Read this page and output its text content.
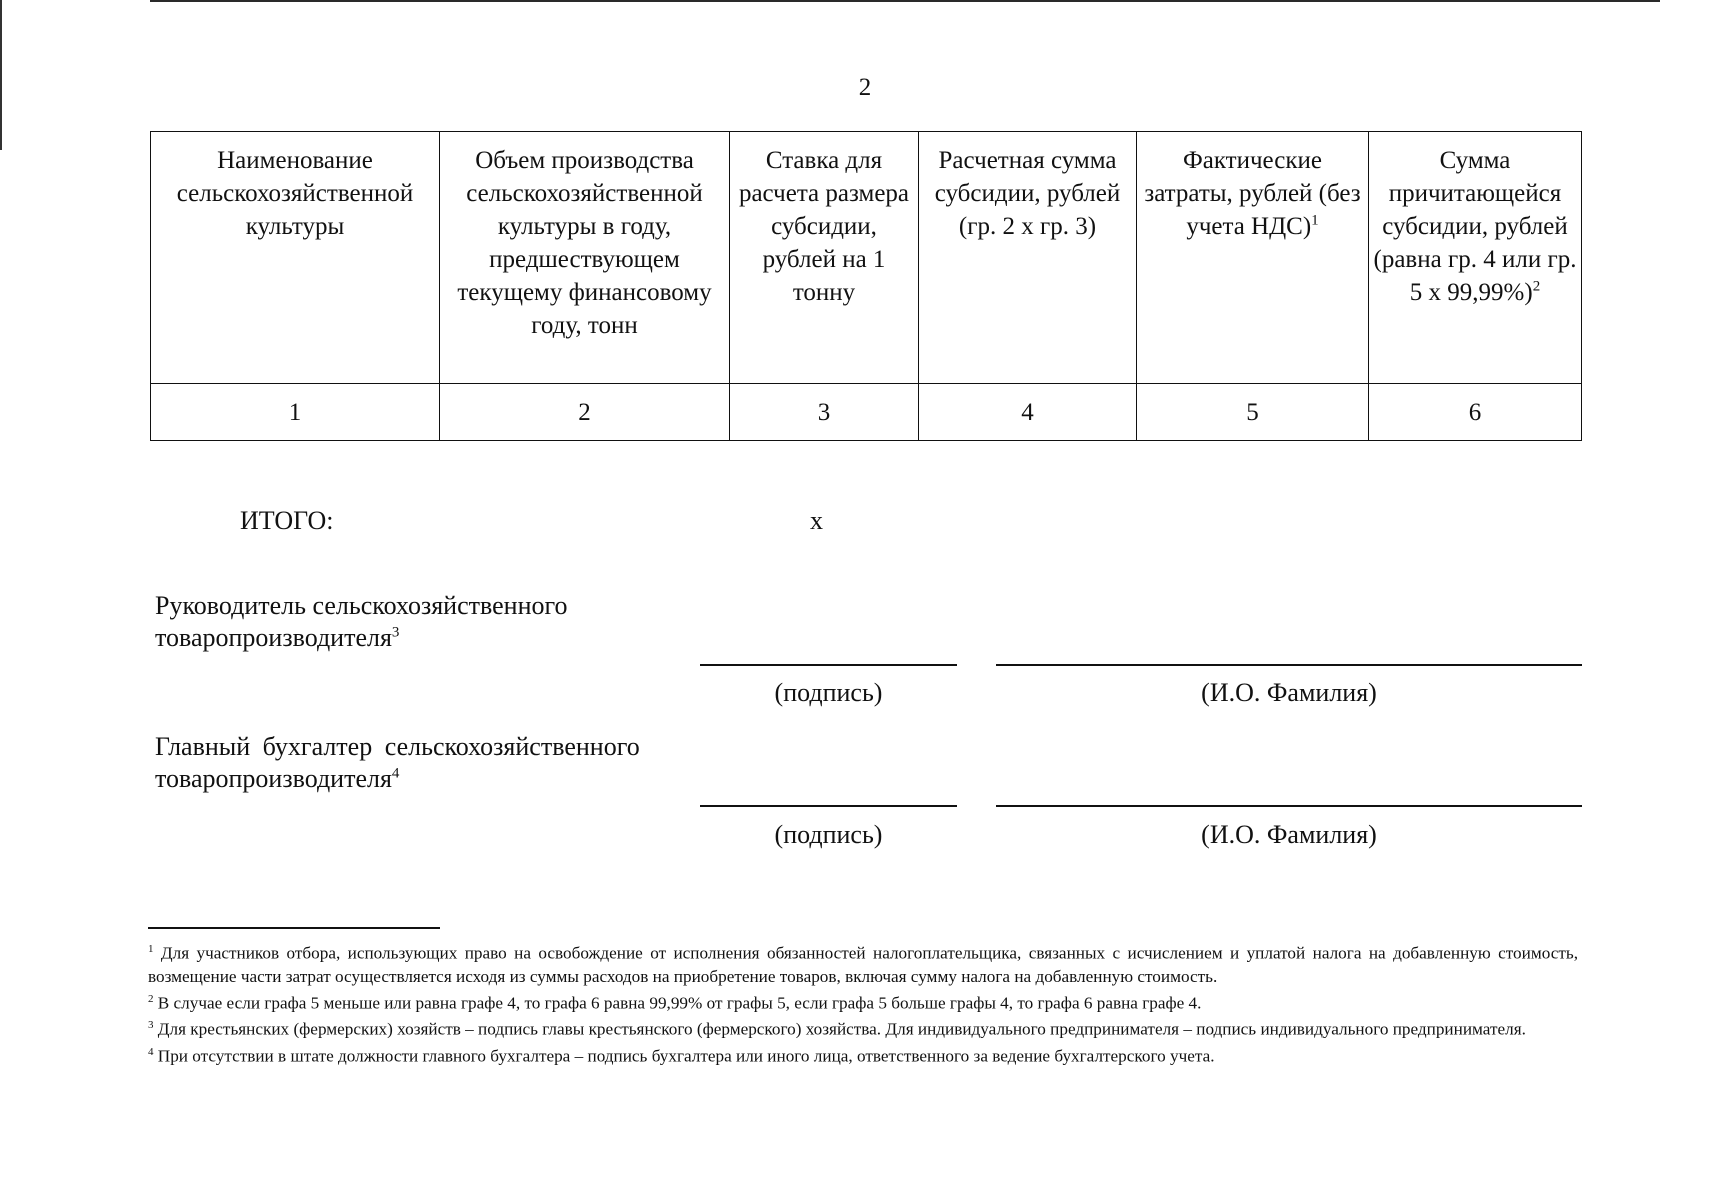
2
Наименование сельскохозяйственной культуры	Объем производства сельскохозяйственной культуры в году, предшествующем текущему финансовому году, тонн	Ставка для расчета размера субсидии, рублей на 1 тонну	Расчетная сумма субсидии, рублей (гр. 2 x гр. 3)	Фактические затраты, рублей (без учета НДС)$^1$	Сумма причитающейся субсидии, рублей (равна гр. 4 или гр. 5 х 99,99%)$^2$
1	2	3	4	5	6
ИТОГО:	х
Руководитель сельскохозяйственного
товаропроизводителя$^3$
(подпись)	(И.О. Фамилия)
Главный бухгалтер сельскохозяйственного
товаропроизводителя$^4$
(подпись)	(И.О. Фамилия)

$^1$ Для участников отбора, использующих право на освобождение от исполнения обязанностей налогоплательщика, связанных с исчислением и уплатой налога на добавленную стоимость, возмещение части затрат осуществляется исходя из суммы расходов на приобретение товаров, включая сумму налога на добавленную стоимость.

$^2$ В случае если графа 5 меньше или равна графе 4, то графа 6 равна 99,99% от графы 5, если графа 5 больше графы 4, то графа 6 равна графе 4.

$^3$ Для крестьянских (фермерских) хозяйств – подпись главы крестьянского (фермерского) хозяйства. Для индивидуального предпринимателя – подпись индивидуального предпринимателя.

$^4$ При отсутствии в штате должности главного бухгалтера – подпись бухгалтера или иного лица, ответственного за ведение бухгалтерского учета.
